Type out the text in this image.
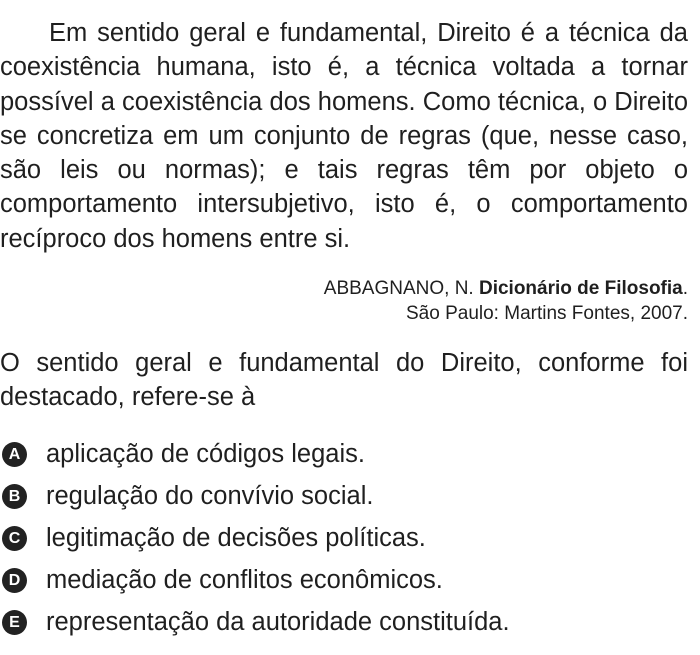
Em sentido geral e fundamental, Direito é a técnica da coexistência humana, isto é, a técnica voltada a tornar possível a coexistência dos homens. Como técnica, o Direito se concretiza em um conjunto de regras (que, nesse caso, são leis ou normas); e tais regras têm por objeto o comportamento intersubjetivo, isto é, o comportamento recíproco dos homens entre si.

ABBAGNANO, N. Dicionário de Filosofia.
São Paulo: Martins Fontes, 2007.

O sentido geral e fundamental do Direito, conforme foi destacado, refere-se à

A aplicação de códigos legais.
B regulação do convívio social.
C legitimação de decisões políticas.
D mediação de conflitos econômicos.
E representação da autoridade constituída.
